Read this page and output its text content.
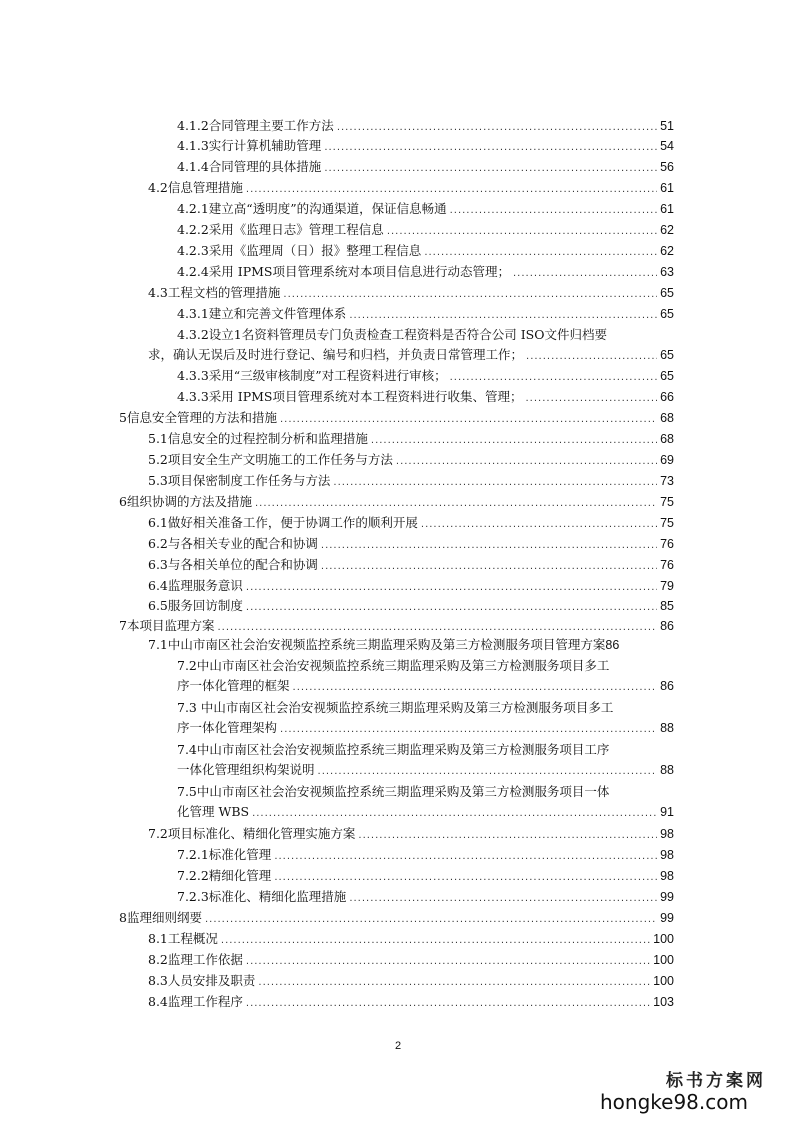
4.1.2合同管理主要工作方法 .....	51
4.1.3实行计算机辅助管理 .....	54
4.1.4合同管理的具体措施 .....	56
4.2信息管理措施 .....	61
4.2.1建立高“透明度”的沟通渠道，保证信息畅通 .....	61
4.2.2采用《监理日志》管理工程信息 .....	62
4.2.3采用《监理周（日）报》整理工程信息 .....	62
4.2.4采用 IPMS项目管理系统对本项目信息进行动态管理； .....	63
4.3工程文档的管理措施 .....	65
4.3.1建立和完善文件管理体系 .....	65
4.3.2设立1名资料管理员专门负责检查工程资料是否符合公司 ISO文件归档要
求，确认无误后及时进行登记、编号和归档，并负责日常管理工作； .....	65
4.3.3采用“三级审核制度”对工程资料进行审核； .....	65
4.3.3采用 IPMS项目管理系统对本工程资料进行收集、管理； .....	66
5信息安全管理的方法和措施 .....	68
5.1信息安全的过程控制分析和监理措施 .....	68
5.2项目安全生产文明施工的工作任务与方法 .....	69
5.3项目保密制度工作任务与方法 .....	73
6组织协调的方法及措施 .....	75
6.1做好相关准备工作，便于协调工作的顺利开展 .....	75
6.2与各相关专业的配合和协调 .....	76
6.3与各相关单位的配合和协调 .....	76
6.4监理服务意识 .....	79
6.5服务回访制度 .....	85
7本项目监理方案 .....	86
7.1中山市南区社会治安视频监控系统三期监理采购及第三方检测服务项目管理方案 86
7.2中山市南区社会治安视频监控系统三期监理采购及第三方检测服务项目多工
序一体化管理的框架 .....	86
7.3 中山市南区社会治安视频监控系统三期监理采购及第三方检测服务项目多工
序一体化管理架构 .....	88
7.4中山市南区社会治安视频监控系统三期监理采购及第三方检测服务项目工序
一体化管理组织构架说明 .....	88
7.5中山市南区社会治安视频监控系统三期监理采购及第三方检测服务项目一体
化管理 WBS .....	91
7.2项目标准化、精细化管理实施方案 .....	98
7.2.1标准化管理 .....	98
7.2.2精细化管理 .....	98
7.2.3标准化、精细化监理措施 .....	99
8监理细则纲要 .....	99
8.1工程概况 .....	100
8.2监理工作依据 .....	100
8.3人员安排及职责 .....	100
8.4监理工作程序 .....	103
2
标书方案网
hongke98.com
